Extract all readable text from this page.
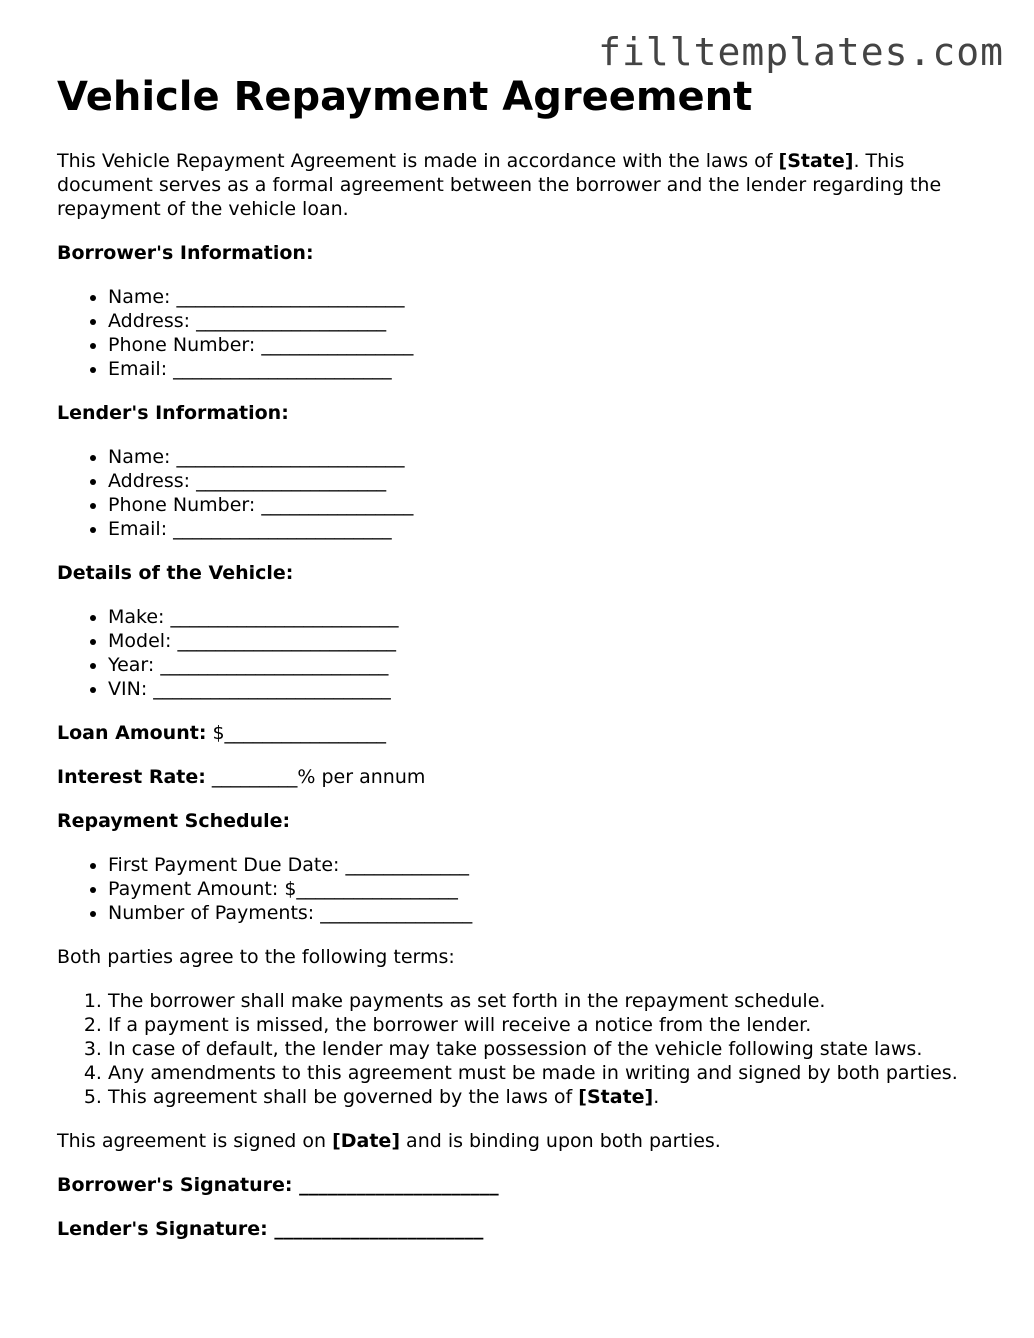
filltemplates.com
Vehicle Repayment Agreement

This Vehicle Repayment Agreement is made in accordance with the laws of [State]. This document serves as a formal agreement between the borrower and the lender regarding the repayment of the vehicle loan.

Borrower's Information:
• Name: ________________________
• Address: ____________________
• Phone Number: ________________
• Email: _______________________
Lender's Information:
• Name: ________________________
• Address: ____________________
• Phone Number: ________________
• Email: _______________________
Details of the Vehicle:
• Make: ________________________
• Model: _______________________
• Year: ________________________
• VIN: _________________________

Loan Amount: $_________________

Interest Rate: _________% per annum

Repayment Schedule:
• First Payment Due Date: _____________
• Payment Amount: $_________________
• Number of Payments: ________________

Both parties agree to the following terms:

1. The borrower shall make payments as set forth in the repayment schedule.
2. If a payment is missed, the borrower will receive a notice from the lender.
3. In case of default, the lender may take possession of the vehicle following state laws.
4. Any amendments to this agreement must be made in writing and signed by both parties.
5. This agreement shall be governed by the laws of [State].

This agreement is signed on [Date] and is binding upon both parties.

Borrower's Signature: _____________________

Lender's Signature: ______________________
